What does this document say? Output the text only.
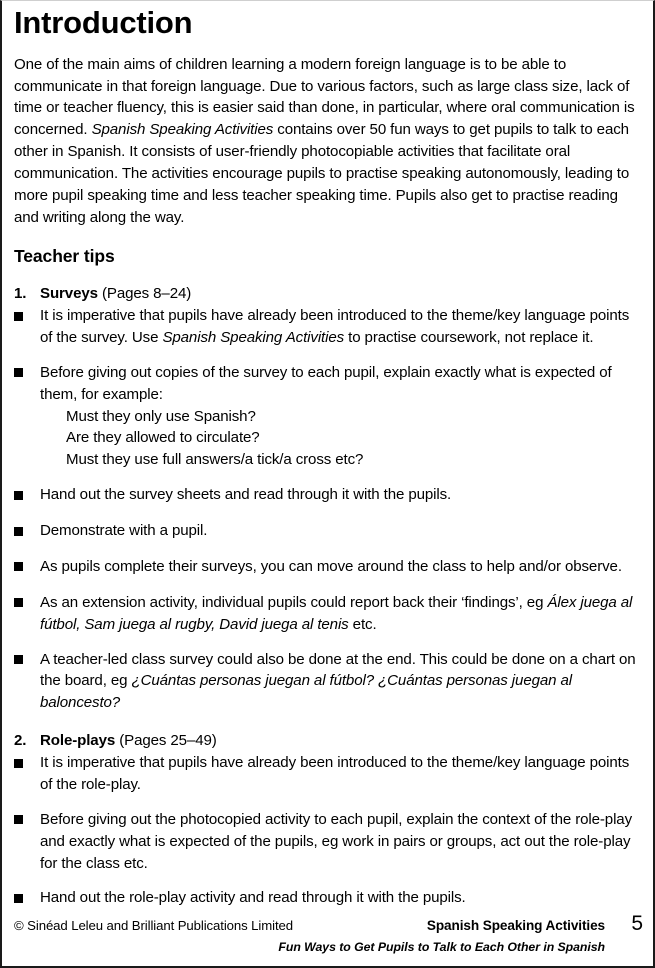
Introduction

One of the main aims of children learning a modern foreign language is to be able to communicate in that foreign language. Due to various factors, such as large class size, lack of time or teacher fluency, this is easier said than done, in particular, where oral communication is concerned. Spanish Speaking Activities contains over 50 fun ways to get pupils to talk to each other in Spanish. It consists of user-friendly photocopiable activities that facilitate oral communication. The activities encourage pupils to practise speaking autonomously, leading to more pupil speaking time and less teacher speaking time. Pupils also get to practise reading and writing along the way.

Teacher tips
1. Surveys (Pages 8–24)
It is imperative that pupils have already been introduced to the theme/key language points of the survey. Use Spanish Speaking Activities to practise coursework, not replace it.
Before giving out copies of the survey to each pupil, explain exactly what is expected of them, for example:
Must they only use Spanish?
Are they allowed to circulate?
Must they use full answers/a tick/a cross etc?
Hand out the survey sheets and read through it with the pupils.
Demonstrate with a pupil.
As pupils complete their surveys, you can move around the class to help and/or observe.
As an extension activity, individual pupils could report back their ‘findings’, eg Álex juega al fútbol, Sam juega al rugby, David juega al tenis etc.
A teacher-led class survey could also be done at the end. This could be done on a chart on the board, eg ¿Cuántas personas juegan al fútbol? ¿Cuántas personas juegan al baloncesto?
2. Role-plays (Pages 25–49)
It is imperative that pupils have already been introduced to the theme/key language points of the role-play.
Before giving out the photocopied activity to each pupil, explain the context of the role-play and exactly what is expected of the pupils, eg work in pairs or groups, act out the role-play for the class etc.
Hand out the role-play activity and read through it with the pupils.
© Sinéad Leleu and Brilliant Publications Limited	Spanish Speaking Activities 5
Fun Ways to Get Pupils to Talk to Each Other in Spanish
